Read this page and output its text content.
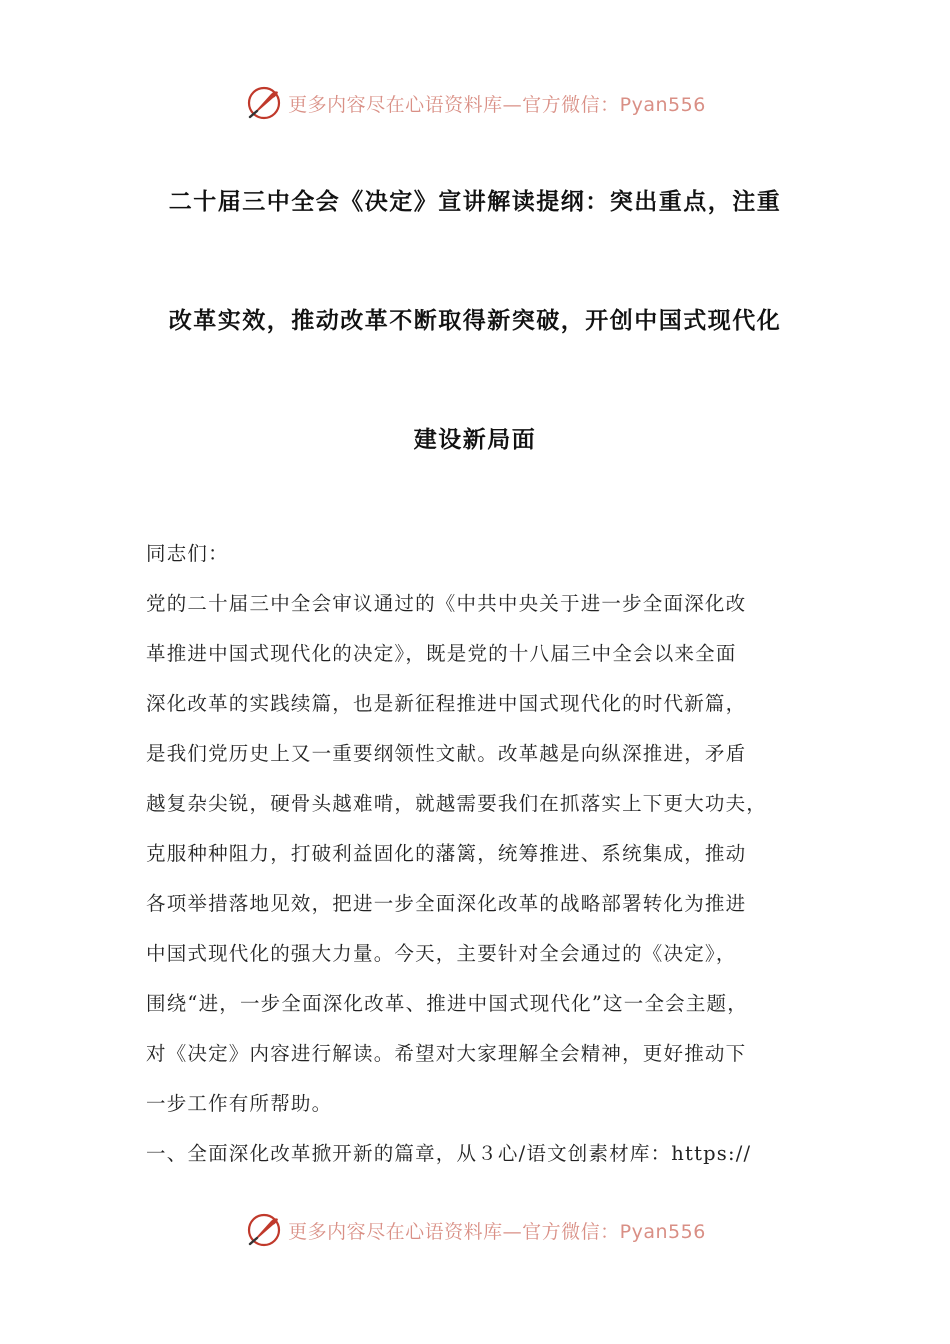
更多内容尽在心语资料库—官方微信：Pyan556
二十届三中全会《决定》宣讲解读提纲：突出重点，注重
改革实效，推动改革不断取得新突破，开创中国式现代化
建设新局面
同志们：
党的二十届三中全会审议通过的《中共中央关于进一步全面深化改
革推进中国式现代化的决定》，既是党的十八届三中全会以来全面
深化改革的实践续篇，也是新征程推进中国式现代化的时代新篇，
是我们党历史上又一重要纲领性文献。改革越是向纵深推进，矛盾
越复杂尖锐，硬骨头越难啃，就越需要我们在抓落实上下更大功夫，
克服种种阻力，打破利益固化的藩篱，统筹推进、系统集成，推动
各项举措落地见效，把进一步全面深化改革的战略部署转化为推进
中国式现代化的强大力量。今天，主要针对全会通过的《决定》，
围绕“进，一步全面深化改革、推进中国式现代化”这一全会主题，
对《决定》内容进行解读。希望对大家理解全会精神，更好推动下
一步工作有所帮助。
一、全面深化改革掀开新的篇章，从３心/语文创素材库：https://
更多内容尽在心语资料库—官方微信：Pyan556
